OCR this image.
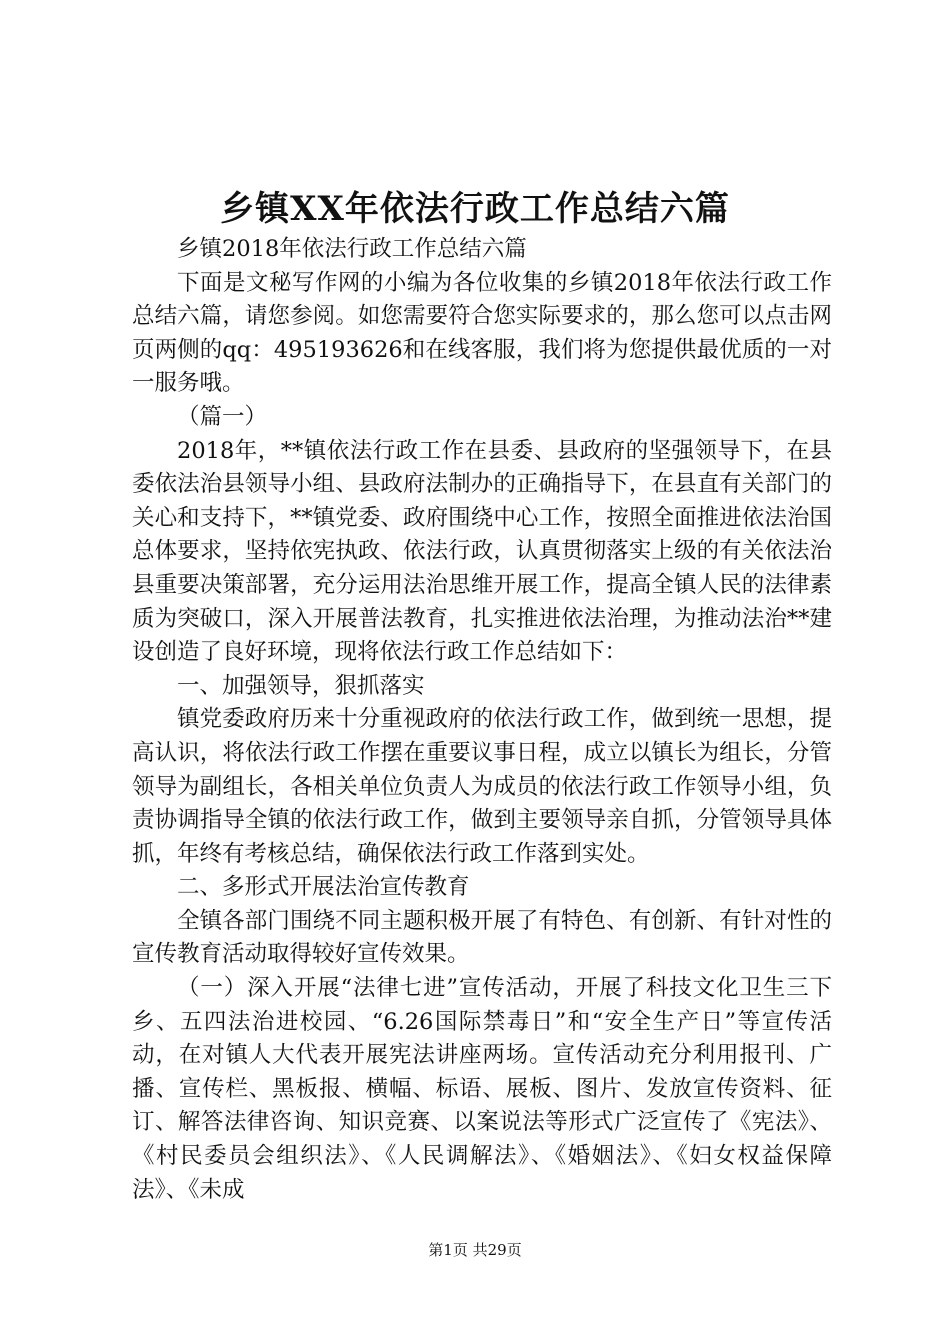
乡镇XX年依法行政工作总结六篇

乡镇2018年依法行政工作总结六篇

下面是文秘写作网的小编为各位收集的乡镇2018年依法行政工作总结六篇，请您参阅。如您需要符合您实际要求的，那么您可以点击网页两侧的qq：495193626和在线客服，我们将为您提供最优质的一对一服务哦。

（篇一）

2018年，**镇依法行政工作在县委、县政府的坚强领导下，在县委依法治县领导小组、县政府法制办的正确指导下，在县直有关部门的关心和支持下，**镇党委、政府围绕中心工作，按照全面推进依法治国总体要求，坚持依宪执政、依法行政，认真贯彻落实上级的有关依法治县重要决策部署，充分运用法治思维开展工作，提高全镇人民的法律素质为突破口，深入开展普法教育，扎实推进依法治理，为推动法治**建设创造了良好环境，现将依法行政工作总结如下：

一、加强领导，狠抓落实

镇党委政府历来十分重视政府的依法行政工作，做到统一思想，提高认识，将依法行政工作摆在重要议事日程，成立以镇长为组长，分管领导为副组长，各相关单位负责人为成员的依法行政工作领导小组，负责协调指导全镇的依法行政工作，做到主要领导亲自抓，分管领导具体抓，年终有考核总结，确保依法行政工作落到实处。

二、多形式开展法治宣传教育

全镇各部门围绕不同主题积极开展了有特色、有创新、有针对性的宣传教育活动取得较好宣传效果。

（一）深入开展“法律七进”宣传活动，开展了科技文化卫生三下乡、五四法治进校园、“6.26国际禁毒日”和“安全生产日”等宣传活动，在对镇人大代表开展宪法讲座两场。宣传活动充分利用报刊、广播、宣传栏、黑板报、横幅、标语、展板、图片、发放宣传资料、征订、解答法律咨询、知识竞赛、以案说法等形式广泛宣传了《宪法》、《村民委员会组织法》、《人民调解法》、《婚姻法》、《妇女权益保障法》、《未成

第1页 共29页
